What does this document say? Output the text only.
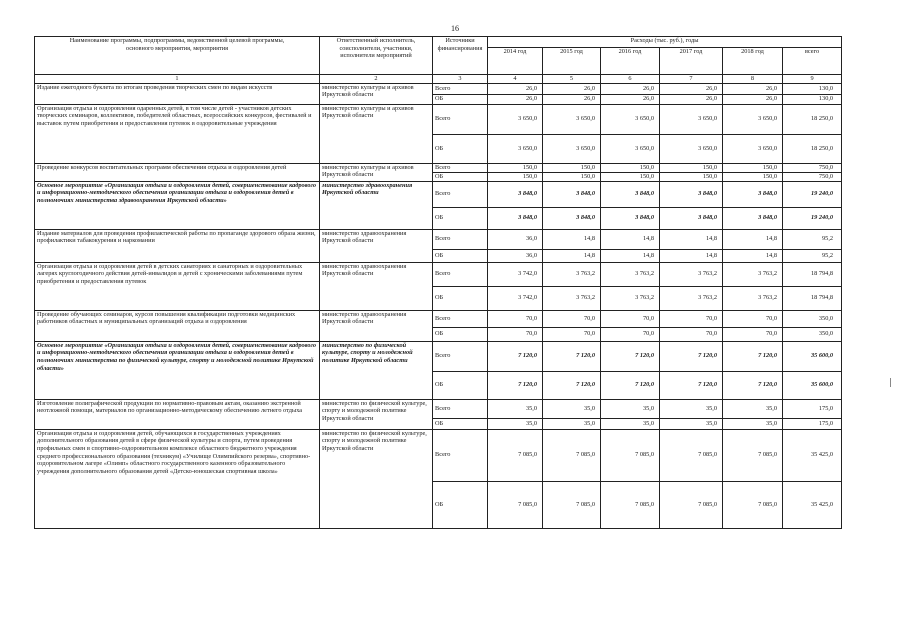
16
Наименование программы, подпрограммы, ведомственной целевой программы, основного мероприятия, мероприятия	Ответственный исполнитель, соисполнители, участники, исполнители мероприятий	Источники финансирования	Расходы (тыс. руб.), годы					
			2014 год	2015 год	2016 год	2017 год	2018 год	всего
1	2	3	4	5	6	7	8	9
Издание ежегодного буклета по итогам проведения творческих смен по видам искусств	министерство культуры и архивов Иркутской области	Всего	26,0	26,0	26,0	26,0	26,0	130,0
		ОБ	26,0	26,0	26,0	26,0	26,0	130,0
Организация отдыха и оздоровления одаренных детей, в том числе детей - участников детских творческих семинаров, коллективов, победителей областных, всероссийских конкурсов, фестивалей и выставок путем приобретения и предоставления путевок в оздоровительные учреждения	министерство культуры и архивов Иркутской области	Всего	3 650,0	3 650,0	3 650,0	3 650,0	3 650,0	18 250,0
		ОБ	3 650,0	3 650,0	3 650,0	3 650,0	3 650,0	18 250,0
Проведение конкурсов воспитательных программ обеспечения отдыха и оздоровления детей	министерство культуры и архивов Иркутской области	Всего	150,0	150,0	150,0	150,0	150,0	750,0
		ОБ	150,0	150,0	150,0	150,0	150,0	750,0
Основное мероприятие «Организация отдыха и оздоровления детей, совершенствование кадрового и информационно-методического обеспечения организации отдыха и оздоровления детей в полномочиях министерства здравоохранения Иркутской области»	министерство здравоохранения Иркутской области	Всего	3 848,0	3 848,0	3 848,0	3 848,0	3 848,0	19 240,0
		ОБ	3 848,0	3 848,0	3 848,0	3 848,0	3 848,0	19 240,0
Издание материалов для проведения профилактической работы по пропаганде здорового образа жизни, профилактики табакокурения и наркомании	министерство здравоохранения Иркутской области	Всего	36,0	14,8	14,8	14,8	14,8	95,2
		ОБ	36,0	14,8	14,8	14,8	14,8	95,2
Организация отдыха и оздоровления детей в детских санаториях и санаторных и оздоровительных лагерях круглогодичного действия детей-инвалидов и детей с хроническими заболеваниями путем приобретения и предоставления путевок	министерство здравоохранения Иркутской области	Всего	3 742,0	3 763,2	3 763,2	3 763,2	3 763,2	18 794,8
		ОБ	3 742,0	3 763,2	3 763,2	3 763,2	3 763,2	18 794,8
Проведение обучающих семинаров, курсов повышения квалификации подготовки медицинских работников областных и муниципальных организаций отдыха и оздоровления	министерство здравоохранения Иркутской области	Всего	70,0	70,0	70,0	70,0	70,0	350,0
		ОБ	70,0	70,0	70,0	70,0	70,0	350,0
Основное мероприятие «Организация отдыха и оздоровления детей, совершенствование кадрового и информационно-методического обеспечения организации отдыха и оздоровления детей в полномочиях министерства по физической культуре, спорту и молодежной политике Иркутской области»	министерство по физической культуре, спорту и молодежной политике Иркутской области	Всего	7 120,0	7 120,0	7 120,0	7 120,0	7 120,0	35 600,0
		ОБ	7 120,0	7 120,0	7 120,0	7 120,0	7 120,0	35 600,0
Изготовление полиграфической продукции по нормативно-правовым актам, оказанию экстренной неотложной помощи, материалов по организационно-методическому обеспечению летнего отдыха	министерство по физической культуре, спорту и молодежной политике Иркутской области	Всего	35,0	35,0	35,0	35,0	35,0	175,0
		ОБ	35,0	35,0	35,0	35,0	35,0	175,0
Организация отдыха и оздоровления детей, обучающихся в государственных учреждениях дополнительного образования детей в сфере физической культуры и спорта, путем проведения профильных смен в спортивно-оздоровительном комплексе областного бюджетного учреждения среднего профессионального образования (техникум) «Училище Олимпийского резерва», спортивно-оздоровительном лагере «Олимп» областного государственного казенного образовательного учреждения дополнительного образования детей «Детско-юношеская спортивная школа»	министерство по физической культуре, спорту и молодежной политике Иркутской области	Всего	7 085,0	7 085,0	7 085,0	7 085,0	7 085,0	35 425,0
		ОБ	7 085,0	7 085,0	7 085,0	7 085,0	7 085,0	35 425,0
